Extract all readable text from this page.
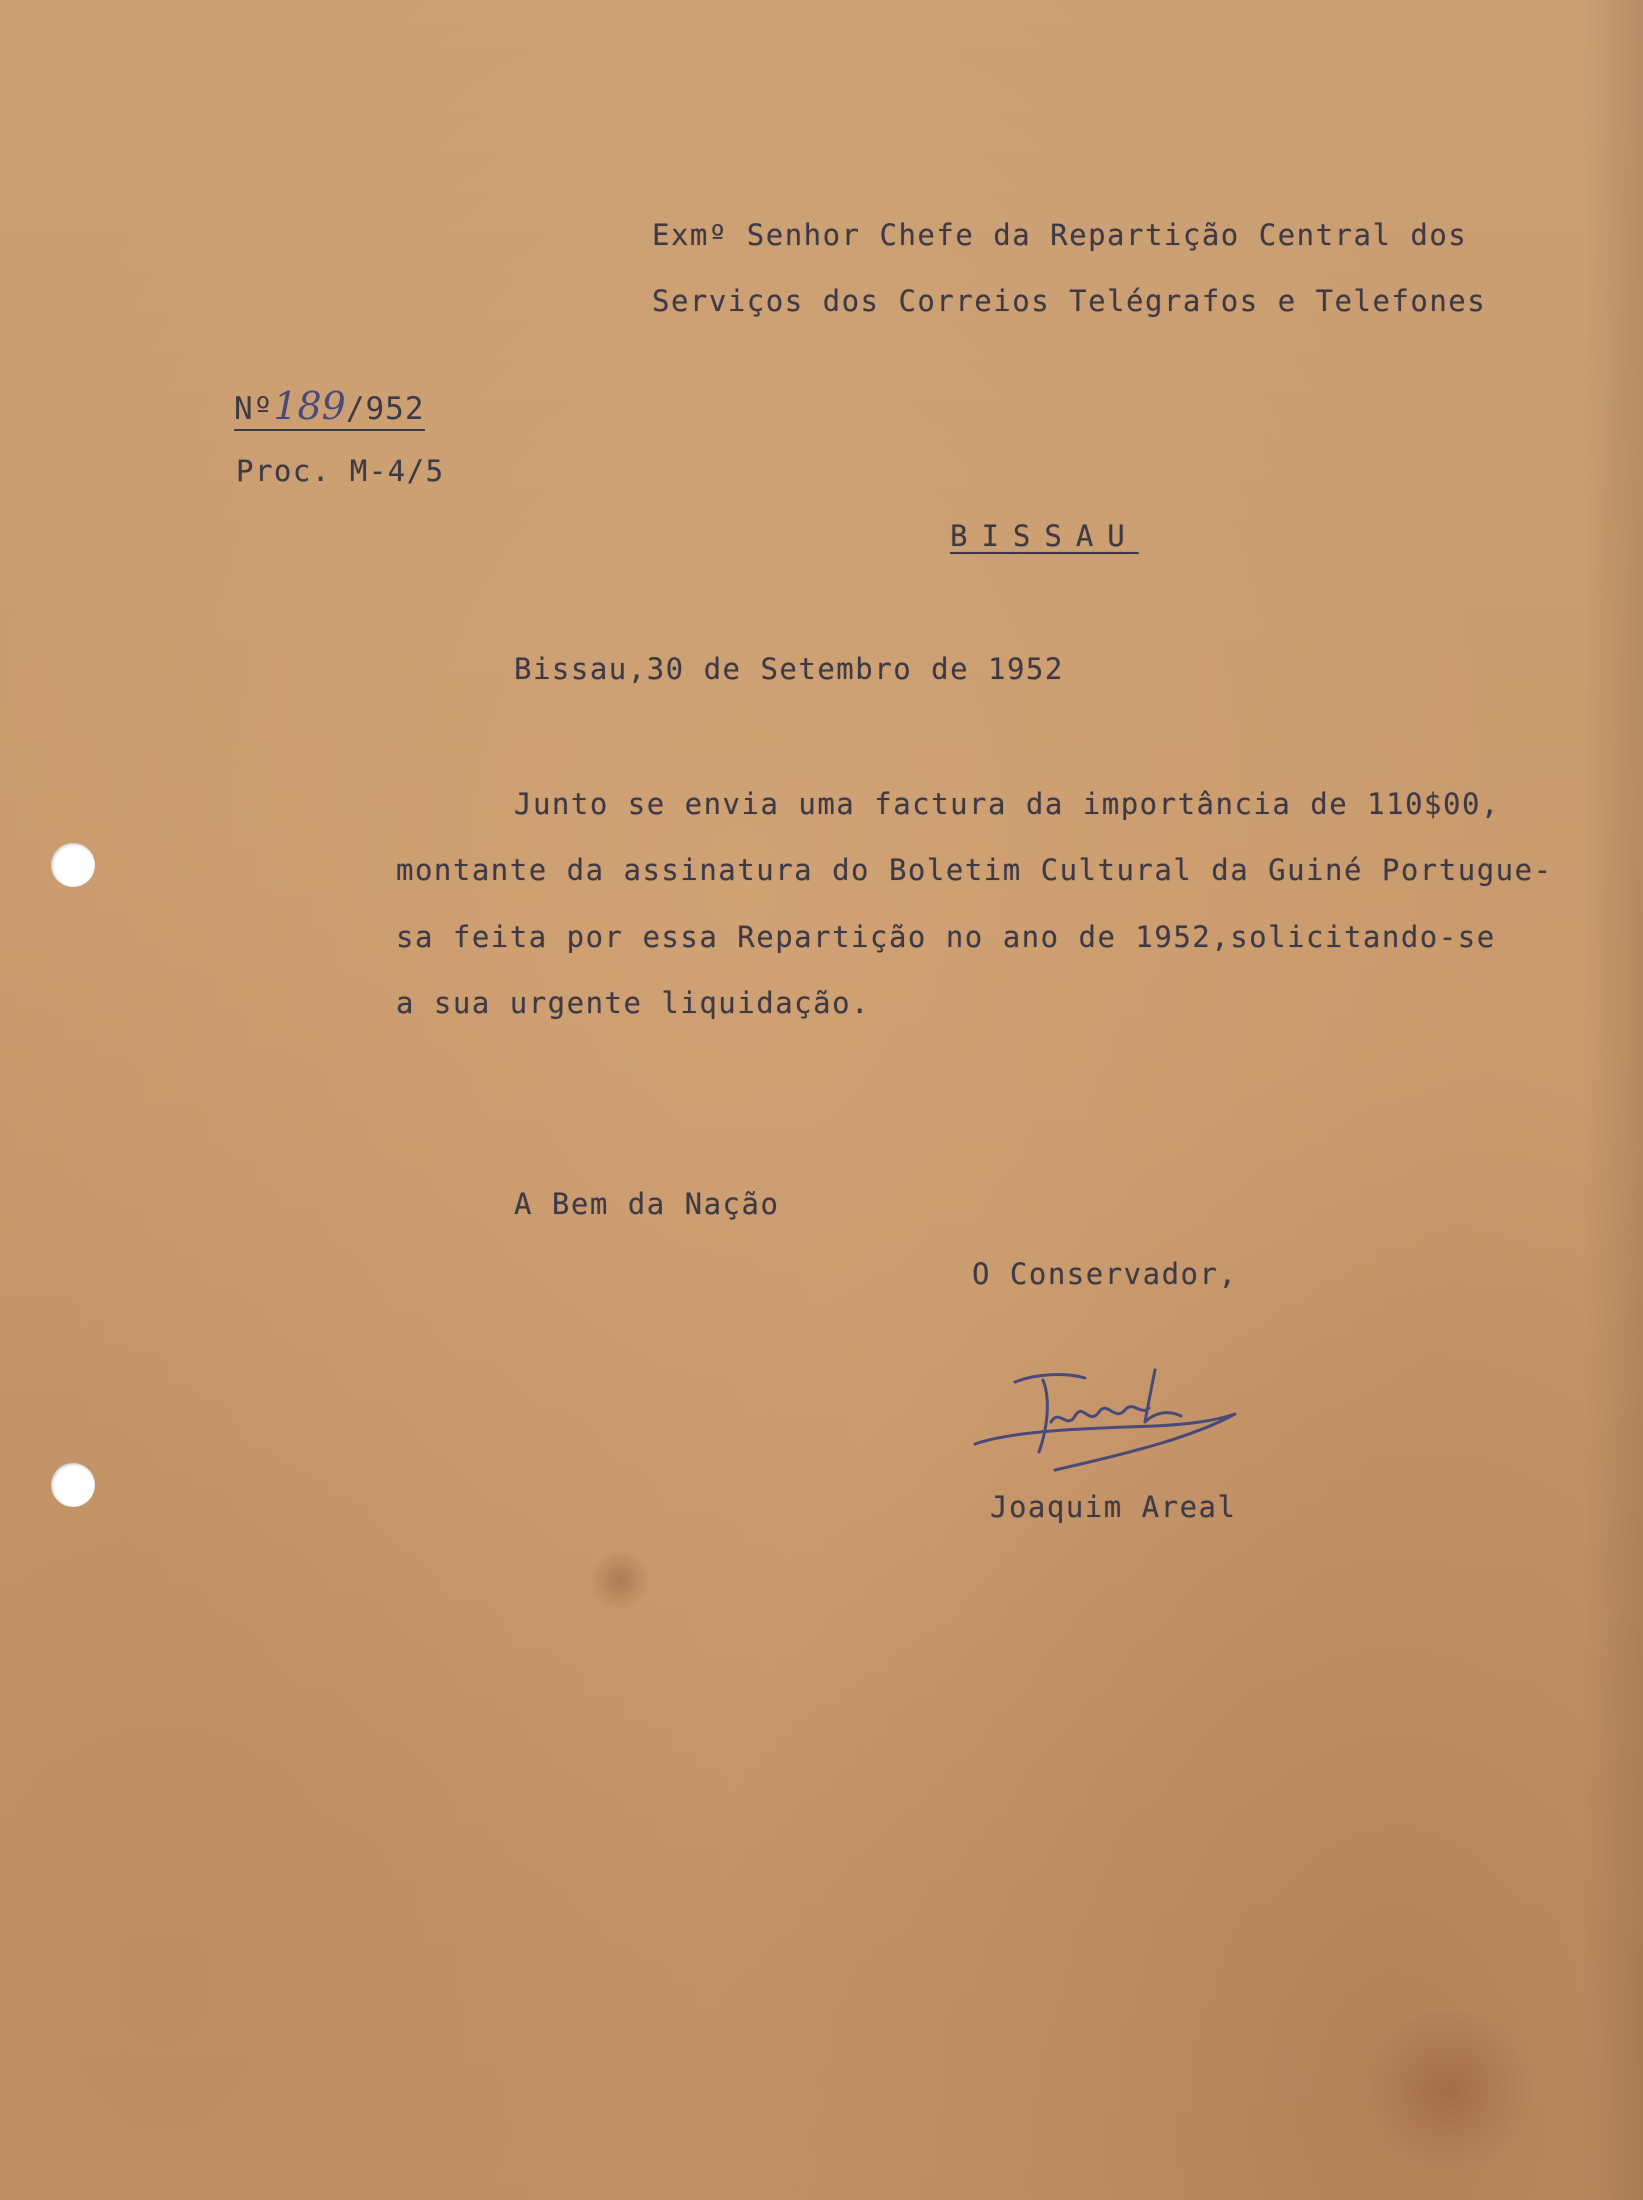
Exmº Senhor Chefe da Repartição Central dos

Serviços dos Correios Telégrafos e Telefones

Nº189/952

Proc. M-4/5

BISSAU

Bissau,30 de Setembro de 1952

Junto se envia uma factura da importância de 110$00,

montante da assinatura do Boletim Cultural da Guiné Portugue-

sa feita por essa Repartição no ano de 1952,solicitando-se

a sua urgente liquidação.

A Bem da Nação

O Conservador,

Joaquim Areal
